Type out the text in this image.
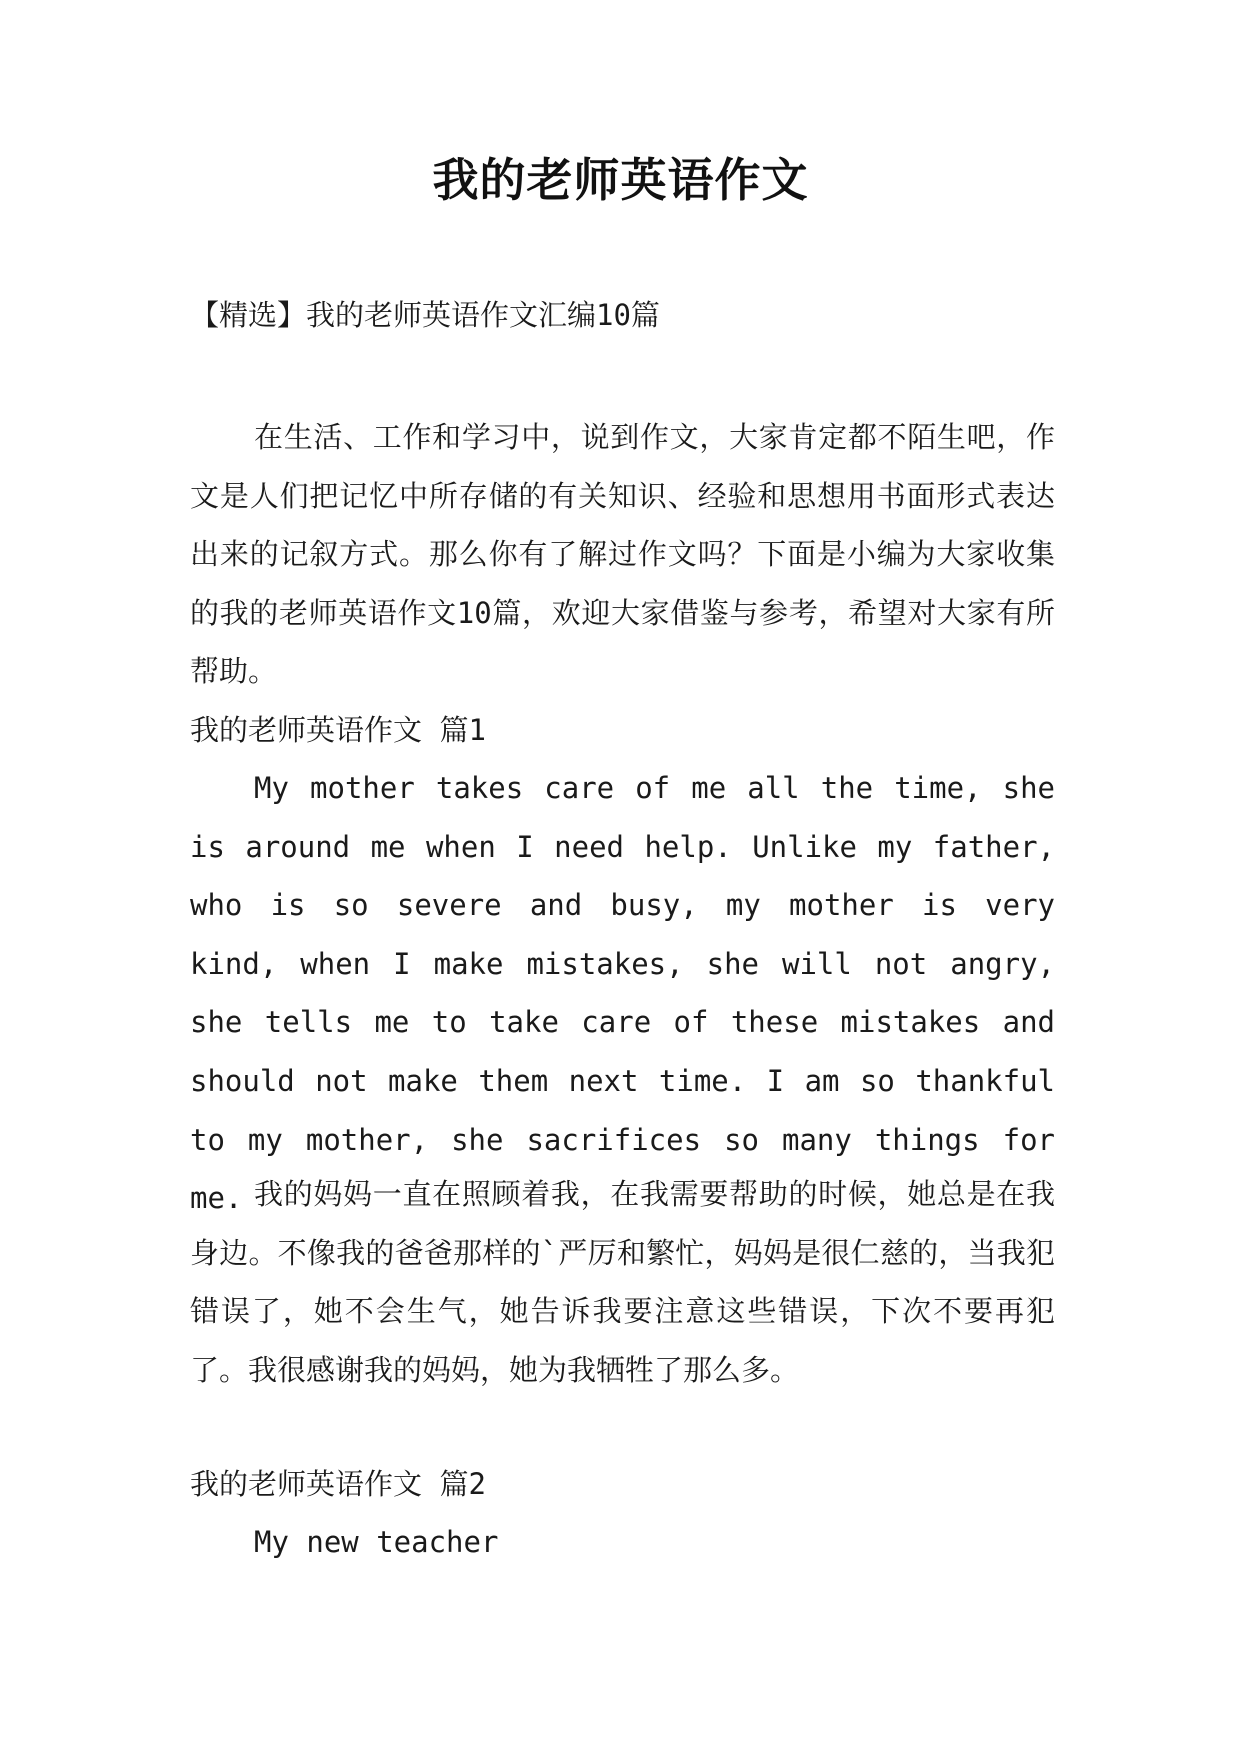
我的老师英语作文
【精选】我的老师英语作文汇编10篇
在生活、工作和学习中，说到作文，大家肯定都不陌生吧，作文是人们把记忆中所存储的有关知识、经验和思想用书面形式表达出来的记叙方式。那么你有了解过作文吗？下面是小编为大家收集的我的老师英语作文10篇，欢迎大家借鉴与参考，希望对大家有所帮助。
我的老师英语作文 篇1
My mother takes care of me all the time, she is around me when I need help. Unlike my father, who is so severe and busy, my mother is very kind, when I make mistakes, she will not angry, she tells me to take care of these mistakes and should not make them next time. I am so thankful to my mother, she sacrifices so many things for me. 我的妈妈一直在照顾着我，在我需要帮助的时候，她总是在我身边。不像我的爸爸那样的`严厉和繁忙，妈妈是很仁慈的，当我犯错误了，她不会生气，她告诉我要注意这些错误，下次不要再犯了。我很感谢我的妈妈，她为我牺牲了那么多。
我的老师英语作文 篇2
My new teacher
